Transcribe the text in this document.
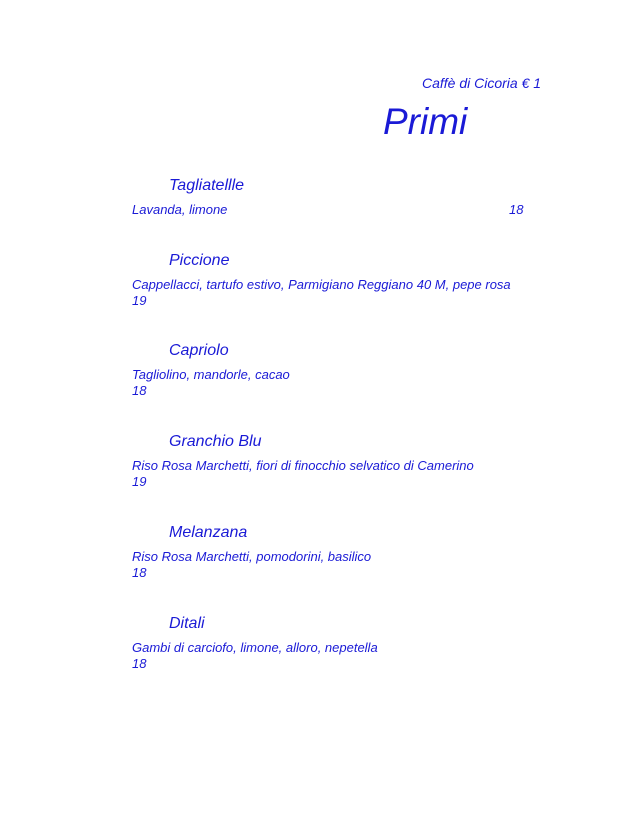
Caffè di Cicoria € 1
Primi
Tagliatellle
Lavanda, limone	18
Piccione
Cappellacci, tartufo estivo, Parmigiano Reggiano 40 M, pepe rosa
19
Capriolo
Tagliolino, mandorle, cacao
18
Granchio Blu
Riso Rosa Marchetti, fiori di finocchio selvatico di Camerino
19
Melanzana
Riso Rosa Marchetti, pomodorini, basilico
18
Ditali
Gambi di carciofo, limone, alloro, nepetella
18
